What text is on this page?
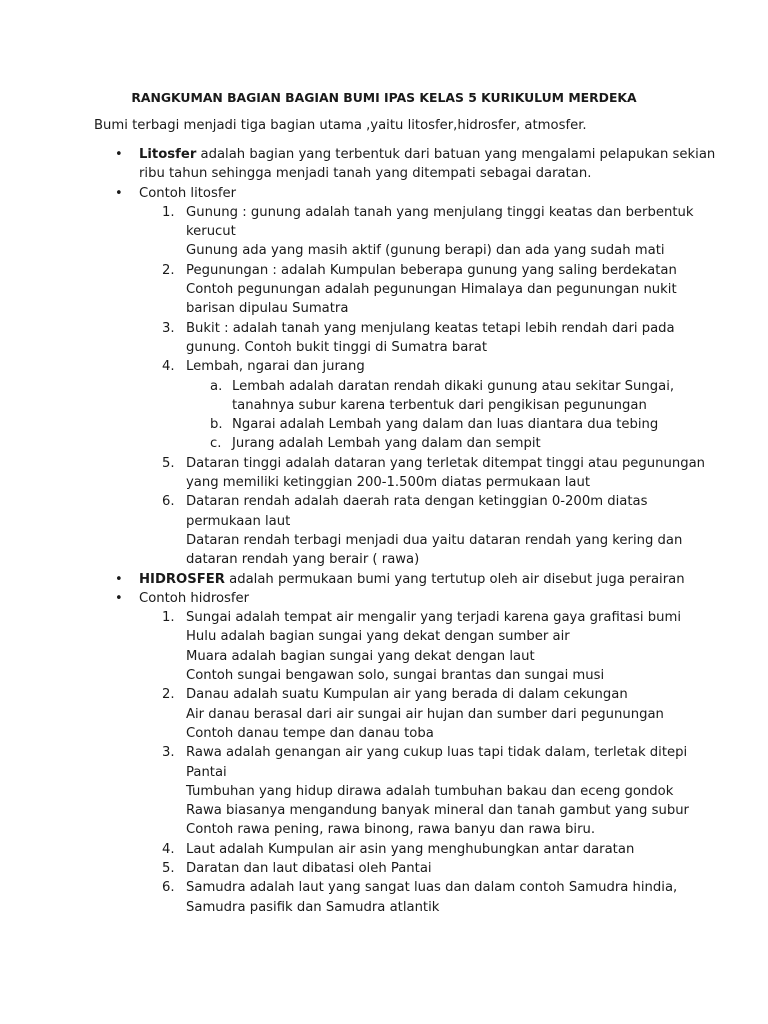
RANGKUMAN BAGIAN BAGIAN BUMI IPAS KELAS 5 KURIKULUM MERDEKA
Bumi terbagi menjadi tiga bagian utama ,yaitu litosfer,hidrosfer, atmosfer.
• Litosfer adalah bagian yang terbentuk dari batuan yang mengalami pelapukan sekian
ribu tahun sehingga menjadi tanah yang ditempati sebagai daratan.
• Contoh litosfer
1. Gunung : gunung adalah tanah yang menjulang tinggi keatas dan berbentuk
kerucut
Gunung ada yang masih aktif (gunung berapi) dan ada yang sudah mati
2. Pegunungan : adalah Kumpulan beberapa gunung yang saling berdekatan
Contoh pegunungan adalah pegunungan Himalaya dan pegunungan nukit
barisan dipulau Sumatra
3. Bukit : adalah tanah yang menjulang keatas tetapi lebih rendah dari pada
gunung. Contoh bukit tinggi di Sumatra barat
4. Lembah, ngarai dan jurang
a. Lembah adalah daratan rendah dikaki gunung atau sekitar Sungai,
tanahnya subur karena terbentuk dari pengikisan pegunungan
b. Ngarai adalah Lembah yang dalam dan luas diantara dua tebing
c. Jurang adalah Lembah yang dalam dan sempit
5. Dataran tinggi adalah dataran yang terletak ditempat tinggi atau pegunungan
yang memiliki ketinggian 200-1.500m diatas permukaan laut
6. Dataran rendah adalah daerah rata dengan ketinggian 0-200m diatas
permukaan laut
Dataran rendah terbagi menjadi dua yaitu dataran rendah yang kering dan
dataran rendah yang berair ( rawa)
• HIDROSFER adalah permukaan bumi yang tertutup oleh air disebut juga perairan
• Contoh hidrosfer
1. Sungai adalah tempat air mengalir yang terjadi karena gaya grafitasi bumi
Hulu adalah bagian sungai yang dekat dengan sumber air
Muara adalah bagian sungai yang dekat dengan laut
Contoh sungai bengawan solo, sungai brantas dan sungai musi
2. Danau adalah suatu Kumpulan air yang berada di dalam cekungan
Air danau berasal dari air sungai air hujan dan sumber dari pegunungan
Contoh danau tempe dan danau toba
3. Rawa adalah genangan air yang cukup luas tapi tidak dalam, terletak ditepi
Pantai
Tumbuhan yang hidup dirawa adalah tumbuhan bakau dan eceng gondok
Rawa biasanya mengandung banyak mineral dan tanah gambut yang subur
Contoh rawa pening, rawa binong, rawa banyu dan rawa biru.
4. Laut adalah Kumpulan air asin yang menghubungkan antar daratan
5. Daratan dan laut dibatasi oleh Pantai
6. Samudra adalah laut yang sangat luas dan dalam contoh Samudra hindia,
Samudra pasifik dan Samudra atlantik
